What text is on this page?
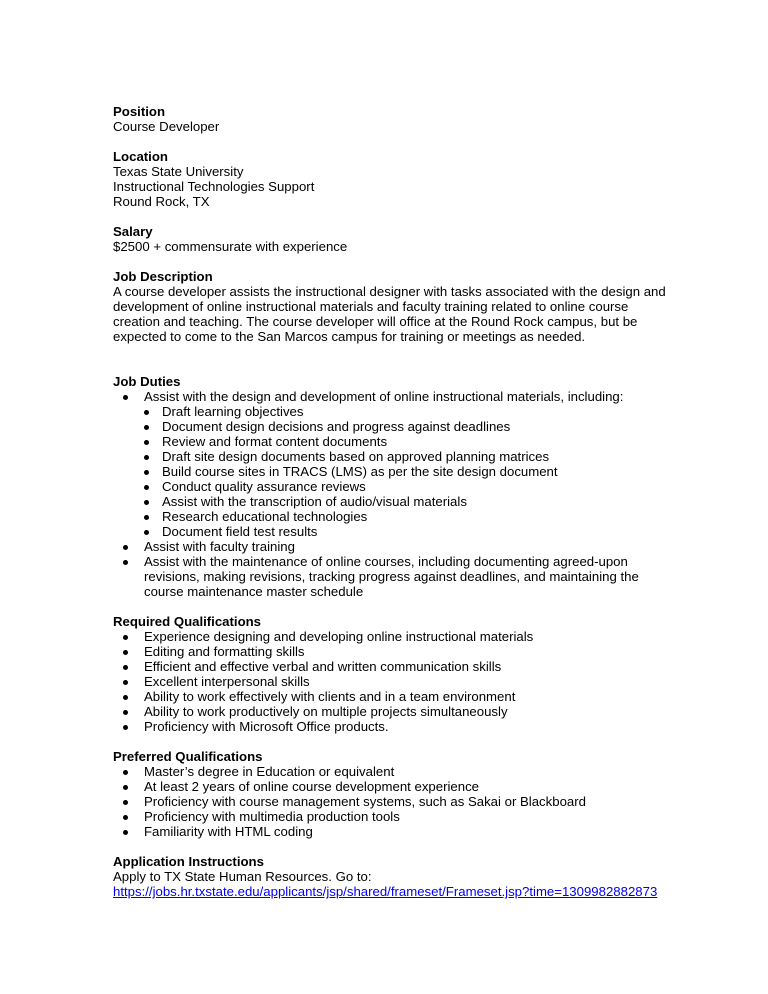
Position
Course Developer
Location
Texas State University
Instructional Technologies Support
Round Rock, TX
Salary
$2500 + commensurate with experience
Job Description
A course developer assists the instructional designer with tasks associated with the design and development of online instructional materials and faculty training related to online course creation and teaching. The course developer will office at the Round Rock campus, but be expected to come to the San Marcos campus for training or meetings as needed.
Job Duties
Assist with the design and development of online instructional materials, including:
Draft learning objectives
Document design decisions and progress against deadlines
Review and format content documents
Draft site design documents based on approved planning matrices
Build course sites in TRACS (LMS) as per the site design document
Conduct quality assurance reviews
Assist with the transcription of audio/visual materials
Research educational technologies
Document field test results
Assist with faculty training
Assist with the maintenance of online courses, including documenting agreed-upon revisions, making revisions, tracking progress against deadlines, and maintaining the course maintenance master schedule
Required Qualifications
Experience designing and developing online instructional materials
Editing and formatting skills
Efficient and effective verbal and written communication skills
Excellent interpersonal skills
Ability to work effectively with clients and in a team environment
Ability to work productively on multiple projects simultaneously
Proficiency with Microsoft Office products.
Preferred Qualifications
Master’s degree in Education or equivalent
At least 2 years of online course development experience
Proficiency with course management systems, such as Sakai or Blackboard
Proficiency with multimedia production tools
Familiarity with HTML coding
Application Instructions
Apply to TX State Human Resources. Go to:
https://jobs.hr.txstate.edu/applicants/jsp/shared/frameset/Frameset.jsp?time=1309982882873
